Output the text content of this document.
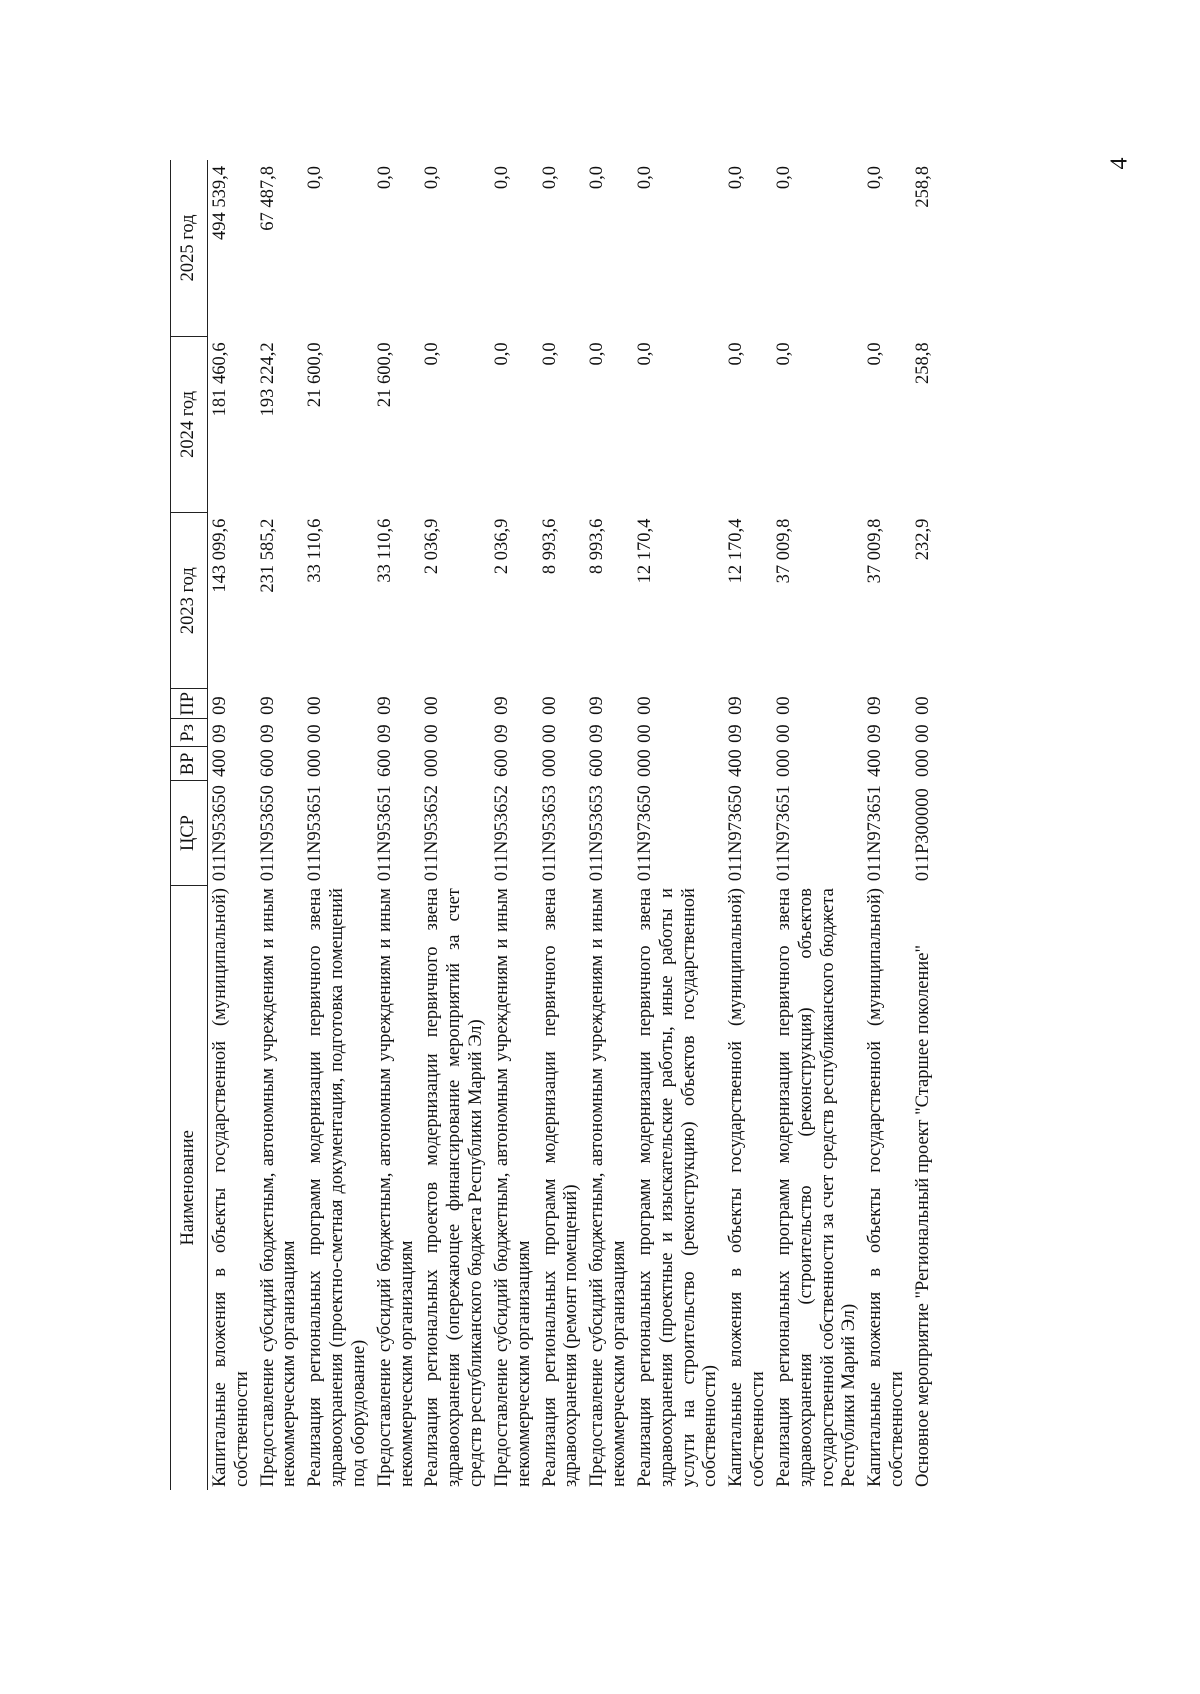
4
Наименование	ЦСР	ВР	Рз	ПР	2023 год	2024 год	2025 год
Капитальные вложения в объекты государственной (муниципальной) собственности	011N953650	400	09	09	143 099,6	181 460,6	494 539,4
Предоставление субсидий бюджетным, автономным учреждениям и иным некоммерческим организациям	011N953650	600	09	09	231 585,2	193 224,2	67 487,8
Реализация региональных программ модернизации первичного звена здравоохранения (проектно-сметная документация, подготовка помещений под оборудование)	011N953651	000	00	00	33 110,6	21 600,0	0,0
Предоставление субсидий бюджетным, автономным учреждениям и иным некоммерческим организациям	011N953651	600	09	09	33 110,6	21 600,0	0,0
Реализация региональных проектов модернизации первичного звена здравоохранения (опережающее финансирование мероприятий за счет средств республиканского бюджета Республики Марий Эл)	011N953652	000	00	00	2 036,9	0,0	0,0
Предоставление субсидий бюджетным, автономным учреждениям и иным некоммерческим организациям	011N953652	600	09	09	2 036,9	0,0	0,0
Реализация региональных программ модернизации первичного звена здравоохранения (ремонт помещений)	011N953653	000	00	00	8 993,6	0,0	0,0
Предоставление субсидий бюджетным, автономным учреждениям и иным некоммерческим организациям	011N953653	600	09	09	8 993,6	0,0	0,0
Реализация региональных программ модернизации первичного звена здравоохранения (проектные и изыскательские работы, иные работы и услуги на строительство (реконструкцию) объектов государственной собственности)	011N973650	000	00	00	12 170,4	0,0	0,0
Капитальные вложения в объекты государственной (муниципальной) собственности	011N973650	400	09	09	12 170,4	0,0	0,0
Реализация региональных программ модернизации первичного звена здравоохранения (строительство (реконструкция) объектов государственной собственности за счет средств республиканского бюджета Республики Марий Эл)	011N973651	000	00	00	37 009,8	0,0	0,0
Капитальные вложения в объекты государственной (муниципальной) собственности	011N973651	400	09	09	37 009,8	0,0	0,0
Основное мероприятие "Региональный проект "Старшее поколение"	011P300000	000	00	00	232,9	258,8	258,8
